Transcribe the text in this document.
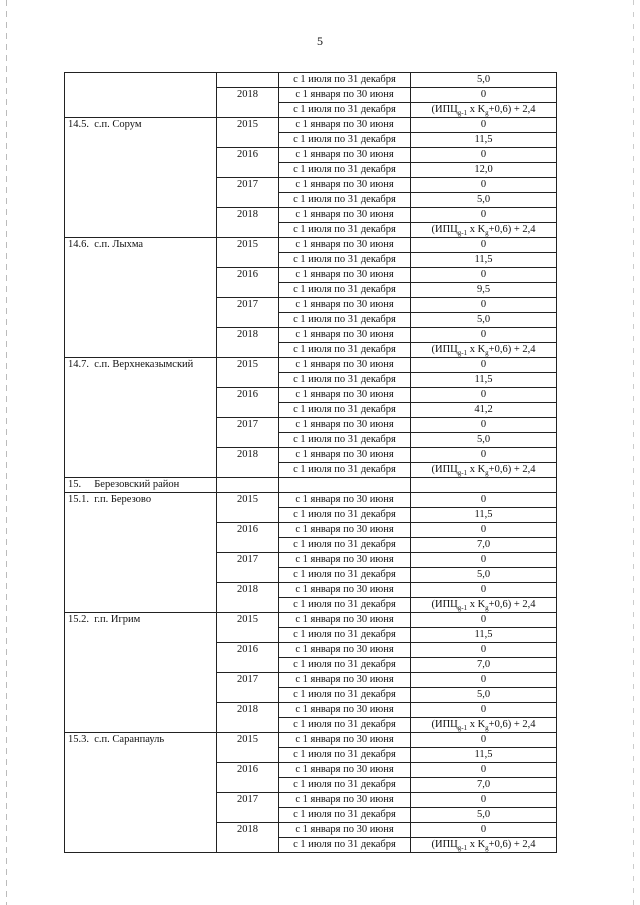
5
		с 1 июля по 31 декабря	5,0
	2018	с 1 января по 30 июня	0
		с 1 июля по 31 декабря	($ИПЦ_{g-1}$ x $K_g+0,6) + 2,4$
14.5.  с.п. Сорум	2015	с 1 января по 30 июня	0
		с 1 июля по 31 декабря	11,5
	2016	с 1 января по 30 июня	0
		с 1 июля по 31 декабря	12,0
	2017	с 1 января по 30 июня	0
		с 1 июля по 31 декабря	5,0
	2018	с 1 января по 30 июня	0
		с 1 июля по 31 декабря	($ИПЦ_{g-1}$ x $K_g+0,6) + 2,4$
14.6.  с.п. Лыхма	2015	с 1 января по 30 июня	0
		с 1 июля по 31 декабря	11,5
	2016	с 1 января по 30 июня	0
		с 1 июля по 31 декабря	9,5
	2017	с 1 января по 30 июня	0
		с 1 июля по 31 декабря	5,0
	2018	с 1 января по 30 июня	0
		с 1 июля по 31 декабря	($ИПЦ_{g-1}$ x $K_g+0,6) + 2,4$
14.7.  с.п. Верхнеказымский	2015	с 1 января по 30 июня	0
		с 1 июля по 31 декабря	11,5
	2016	с 1 января по 30 июня	0
		с 1 июля по 31 декабря	41,2
	2017	с 1 января по 30 июня	0
		с 1 июля по 31 декабря	5,0
	2018	с 1 января по 30 июня	0
		с 1 июля по 31 декабря	($ИПЦ_{g-1}$ x $K_g+0,6) + 2,4$
15.     Березовский район			
15.1.  г.п. Березово	2015	с 1 января по 30 июня	0
		с 1 июля по 31 декабря	11,5
	2016	с 1 января по 30 июня	0
		с 1 июля по 31 декабря	7,0
	2017	с 1 января по 30 июня	0
		с 1 июля по 31 декабря	5,0
	2018	с 1 января по 30 июня	0
		с 1 июля по 31 декабря	($ИПЦ_{g-1}$ x $K_g+0,6) + 2,4$
15.2.  г.п. Игрим	2015	с 1 января по 30 июня	0
		с 1 июля по 31 декабря	11,5
	2016	с 1 января по 30 июня	0
		с 1 июля по 31 декабря	7,0
	2017	с 1 января по 30 июня	0
		с 1 июля по 31 декабря	5,0
	2018	с 1 января по 30 июня	0
		с 1 июля по 31 декабря	($ИПЦ_{g-1}$ x $K_g+0,6) + 2,4$
15.3.  с.п. Саранпауль	2015	с 1 января по 30 июня	0
		с 1 июля по 31 декабря	11,5
	2016	с 1 января по 30 июня	0
		с 1 июля по 31 декабря	7,0
	2017	с 1 января по 30 июня	0
		с 1 июля по 31 декабря	5,0
	2018	с 1 января по 30 июня	0
		с 1 июля по 31 декабря	($ИПЦ_{g-1}$ x $K_g+0,6) + 2,4$
